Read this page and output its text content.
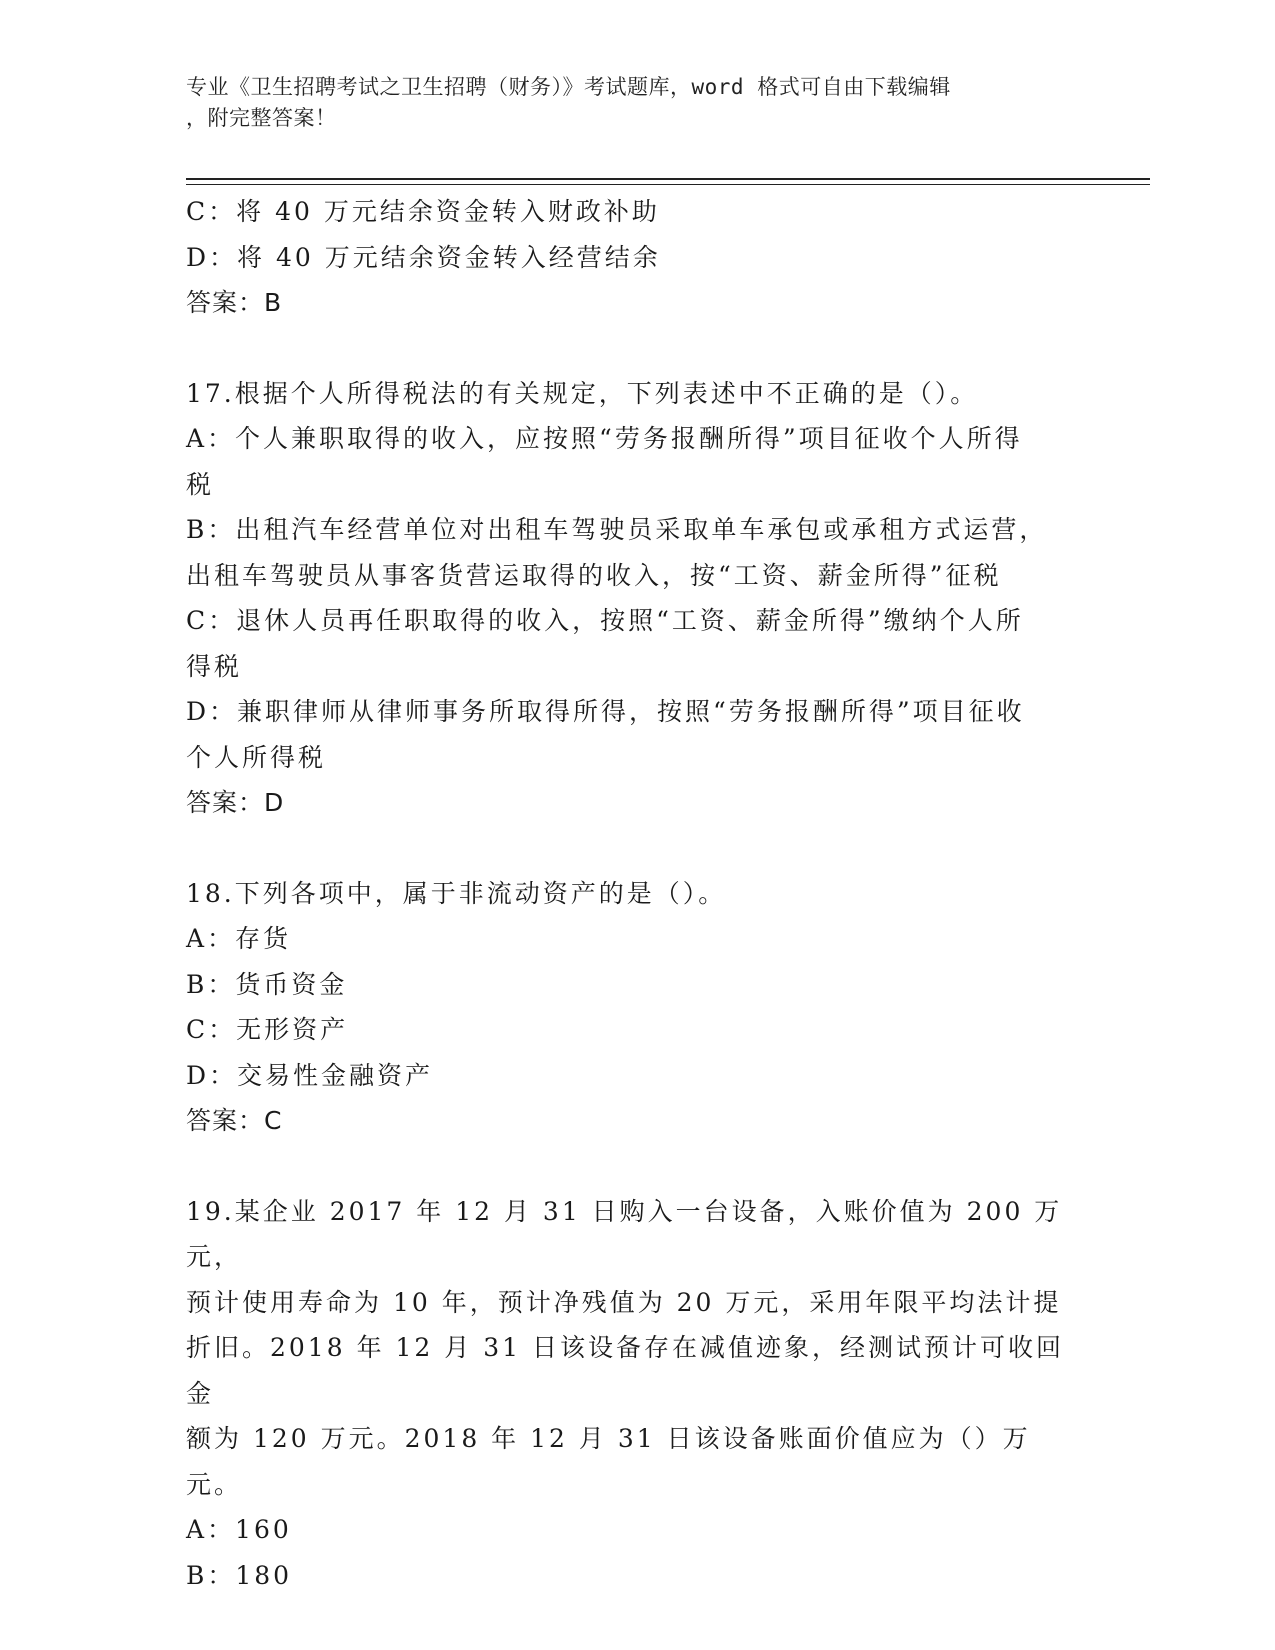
专业《卫生招聘考试之卫生招聘（财务）》考试题库，word 格式可自由下载编辑
，附完整答案！
C：将 40 万元结余资金转入财政补助
D：将 40 万元结余资金转入经营结余
答案：B
17.根据个人所得税法的有关规定，下列表述中不正确的是（）。
A：个人兼职取得的收入，应按照“劳务报酬所得”项目征收个人所得
税
B：出租汽车经营单位对出租车驾驶员采取单车承包或承租方式运营，
出租车驾驶员从事客货营运取得的收入，按“工资、薪金所得”征税
C：退休人员再任职取得的收入，按照“工资、薪金所得”缴纳个人所
得税
D：兼职律师从律师事务所取得所得，按照“劳务报酬所得”项目征收
个人所得税
答案：D
18.下列各项中，属于非流动资产的是（）。
A：存货
B：货币资金
C：无形资产
D：交易性金融资产
答案：C
19.某企业 2017 年 12 月 31 日购入一台设备，入账价值为 200 万元，
预计使用寿命为 10 年，预计净残值为 20 万元，采用年限平均法计提
折旧。2018 年 12 月 31 日该设备存在减值迹象，经测试预计可收回金
额为 120 万元。2018 年 12 月 31 日该设备账面价值应为（）万元。
A：160
B：180
